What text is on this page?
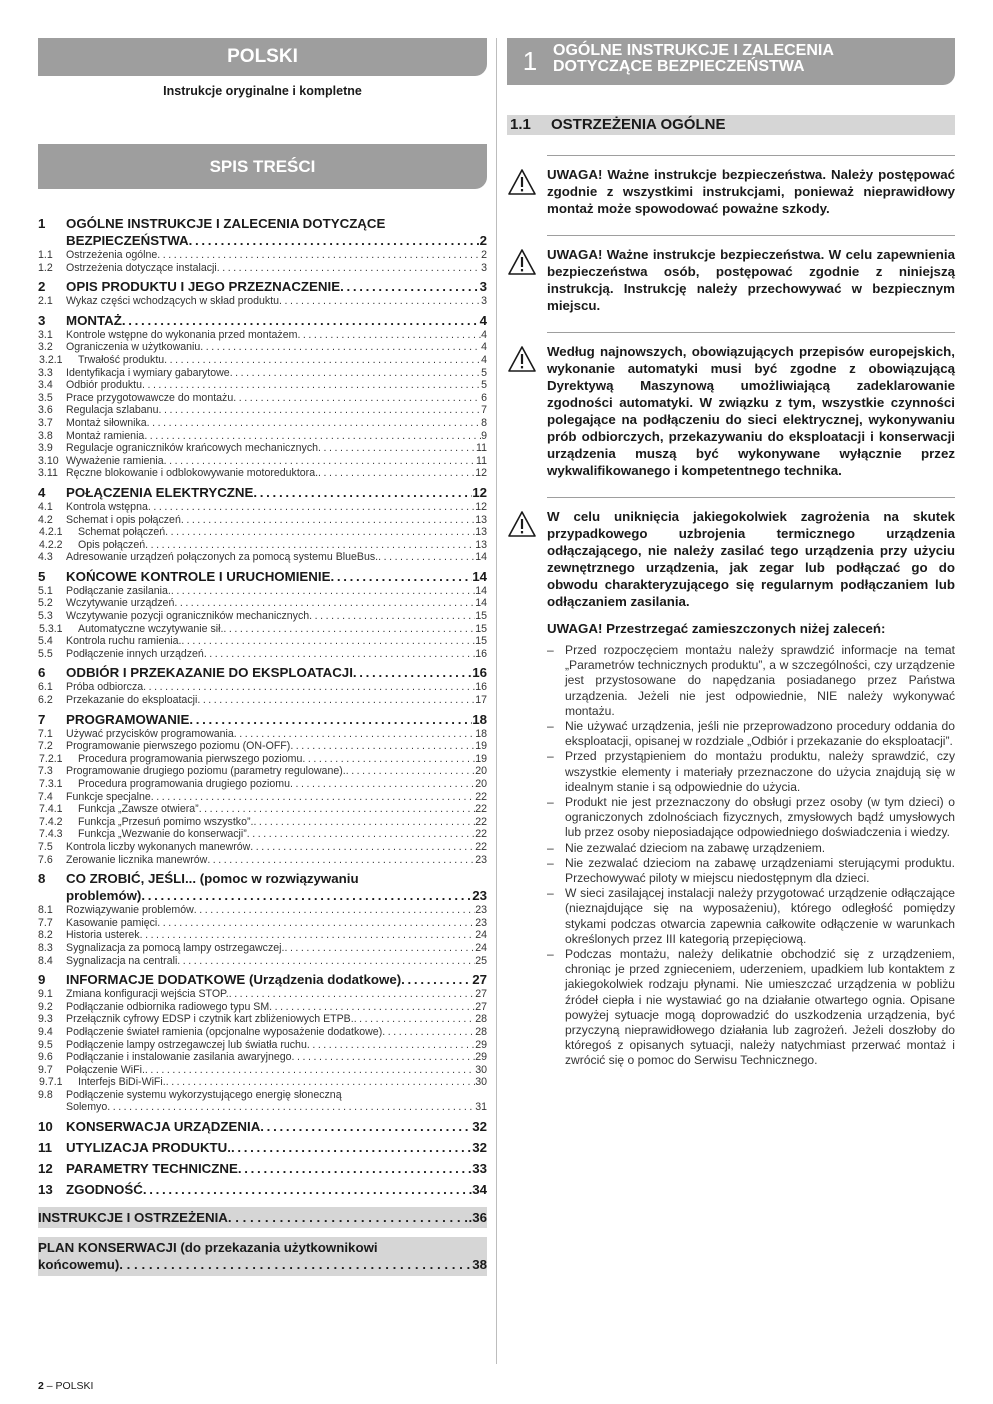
POLSKI
Instrukcje oryginalne i kompletne
SPIS TREŚCI
1	OGÓLNE INSTRUKCJE I ZALECENIA DOTYCZĄCE
BEZPIECZEŃSTWA . . .	2
1.1	Ostrzeżenia ogólne . . .	2
1.2	Ostrzeżenia dotyczące instalacji . . .	3
2	OPIS PRODUKTU I JEGO PRZEZNACZENIE . . .	3
2.1	Wykaz części wchodzących w skład produktu . . .	3
3	MONTAŻ . . .	4
3.1	Kontrole wstępne do wykonania przed montażem . . .	4
3.2	Ograniczenia w użytkowaniu . . .	4
3.2.1	Trwałość produktu . . .	4
3.3	Identyfikacja i wymiary gabarytowe . . .	5
3.4	Odbiór produktu . . .	5
3.5	Prace przygotowawcze do montażu . . .	6
3.6	Regulacja szlabanu . . .	7
3.7	Montaż siłownika . . .	8
3.8	Montaż ramienia . . .	9
3.9	Regulacje ograniczników krańcowych mechanicznych . . .	11
3.10 Wyważenie ramienia . . .	11
3.11 Ręczne blokowanie i odblokowywanie motoreduktora. . . .	12
4	POŁĄCZENIA ELEKTRYCZNE . . .	12
4.1	Kontrola wstępna . . .	12
4.2	Schemat i opis połączeń . . .	13
4.2.1	Schemat połączeń . . .	13
4.2.2	Opis połączeń . . .	13
4.3	Adresowanie urządzeń połączonych za pomocą systemu BlueBus. . . .	14
5	KOŃCOWE KONTROLE I URUCHOMIENIE . . .	14
5.1	Podłączanie zasilania. . . .	14
5.2	Wczytywanie urządzeń . . .	14
5.3	Wczytywanie pozycji ograniczników mechanicznych . . .	15
5.3.1	Automatyczne wczytywanie sił. . . .	15
5.4	Kontrola ruchu ramienia. . . .	15
5.5	Podłączenie innych urządzeń . . .	16
6	ODBIÓR I PRZEKAZANIE DO EKSPLOATACJI . . .	16
6.1	Próba odbiorcza . . .	16
6.2	Przekazanie do eksploatacji . . .	17
7	PROGRAMOWANIE . . .	18
7.1	Używać przycisków programowania . . .	18
7.2	Programowanie pierwszego poziomu (ON-OFF) . . .	19
7.2.1	Procedura programowania pierwszego poziomu . . .	19
7.3	Programowanie drugiego poziomu (parametry regulowane). . . .	20
7.3.1	Procedura programowania drugiego poziomu . . .	20
7.4	Funkcje specjalne . . .	22
7.4.1	Funkcja „Zawsze otwiera” . . .	22
7.4.2	Funkcja „Przesuń pomimo wszystko”. . . .	22
7.4.3	Funkcja „Wezwanie do konserwacji” . . .	22
7.5	Kontrola liczby wykonanych manewrów . . .	22
7.6	Zerowanie licznika manewrów . . .	23
8	CO ZROBIĆ, JEŚLI... (pomoc w rozwiązywaniu
problemów) . . .	23
8.1	Rozwiązywanie problemów . . .	23
7.7	Kasowanie pamięci . . .	23
8.2	Historia usterek . . .	24
8.3	Sygnalizacja za pomocą lampy ostrzegawczej. . . .	24
8.4	Sygnalizacja na centrali . . .	25
9	INFORMACJE DODATKOWE (Urządzenia dodatkowe) . . .	27
9.1	Zmiana konfiguracji wejścia STOP. . . .	27
9.2	Podłączanie odbiornika radiowego typu SM . . .	27
9.3	Przełącznik cyfrowy EDSP i czytnik kart zbliżeniowych ETPB. . . .	28
9.4	Podłączenie świateł ramienia (opcjonalne wyposażenie dodatkowe) . . .	28
9.5	Podłączenie lampy ostrzegawczej lub światła ruchu . . .	29
9.6	Podłączanie i instalowanie zasilania awaryjnego . . .	29
9.7	Połączenie WiFi. . . .	30
9.7.1	Interfejs BiDi-WiFi. . . .	30
9.8	Podłączenie systemu wykorzystującego energię słoneczną
Solemyo . . .	31
10 KONSERWACJA URZĄDZENIA . . .	32
11	UTYLIZACJA PRODUKTU. . . .	32
12 PARAMETRY TECHNICZNE . . .	33
13 ZGODNOŚĆ . . .	34
INSTRUKCJE I OSTRZEŻENIA . . .	.36
PLAN KONSERWACJI (do przekazania użytkownikowi
końcowemu) . . .	38
2 – POLSKI
1 OGÓLNE INSTRUKCJE I ZALECENIA
DOTYCZĄCE BEZPIECZEŃSTWA
1.1	OSTRZEŻENIA OGÓLNE
UWAGA! Ważne instrukcje bezpieczeństwa. Należy postępować zgodnie z wszystkimi instrukcjami, ponieważ nieprawidłowy montaż może spowodować poważne szkody.
UWAGA! Ważne instrukcje bezpieczeństwa. W celu zapewnienia bezpieczeństwa osób, postępować zgodnie z niniejszą instrukcją. Instrukcję należy przechowywać w bezpiecznym miejscu.
Według najnowszych, obowiązujących przepisów europejskich, wykonanie automatyki musi być zgodne z obowiązującą Dyrektywą Maszynową umożliwiającą zadeklarowanie zgodności automatyki. W związku z tym, wszystkie czynności polegające na podłączeniu do sieci elektrycznej, wykonywaniu prób odbiorczych, przekazywaniu do eksploatacji i konserwacji urządzenia muszą być wykonywane wyłącznie przez wykwalifikowanego i kompetentnego technika.
W celu uniknięcia jakiegokolwiek zagrożenia na skutek przypadkowego uzbrojenia termicznego urządzenia odłączającego, nie należy zasilać tego urządzenia przy użyciu zewnętrznego urządzenia, jak zegar lub podłączać go do obwodu charakteryzującego się regularnym podłączaniem lub odłączaniem zasilania.
UWAGA! Przestrzegać zamieszczonych niżej zaleceń:
– Przed rozpoczęciem montażu należy sprawdzić informacje na temat „Parametrów technicznych produktu”, a w szczególności, czy urządzenie jest przystosowane do napędzania posiadanego przez Państwa urządzenia. Jeżeli nie jest odpowiednie, NIE należy wykonywać montażu.
– Nie używać urządzenia, jeśli nie przeprowadzono procedury oddania do eksploatacji, opisanej w rozdziale „Odbiór i przekazanie do eksploatacji”.
– Przed przystąpieniem do montażu produktu, należy sprawdzić, czy wszystkie elementy i materiały przeznaczone do użycia znajdują się w idealnym stanie i są odpowiednie do użycia.
– Produkt nie jest przeznaczony do obsługi przez osoby (w tym dzieci) o ograniczonych zdolnościach fizycznych, zmysłowych bądź umysłowych lub przez osoby nieposiadające odpowiedniego doświadczenia i wiedzy.
– Nie zezwalać dzieciom na zabawę urządzeniem.
– Nie zezwalać dzieciom na zabawę urządzeniami sterującymi produktu. Przechowywać piloty w miejscu niedostępnym dla dzieci.
– W sieci zasilającej instalacji należy przygotować urządzenie odłączające (nieznajdujące się na wyposażeniu), którego odległość pomiędzy stykami podczas otwarcia zapewnia całkowite odłączenie w warunkach określonych przez III kategorią przepięciową.
– Podczas montażu, należy delikatnie obchodzić się z urządzeniem, chroniąc je przed zgnieceniem, uderzeniem, upadkiem lub kontaktem z jakiegokolwiek rodzaju płynami. Nie umieszczać urządzenia w pobliżu źródeł ciepła i nie wystawiać go na działanie otwartego ognia. Opisane powyżej sytuacje mogą doprowadzić do uszkodzenia urządzenia, być przyczyną nieprawidłowego działania lub zagrożeń. Jeżeli doszłoby do któregoś z opisanych sytuacji, należy natychmiast przerwać montaż i zwrócić się o pomoc do Serwisu Technicznego.
